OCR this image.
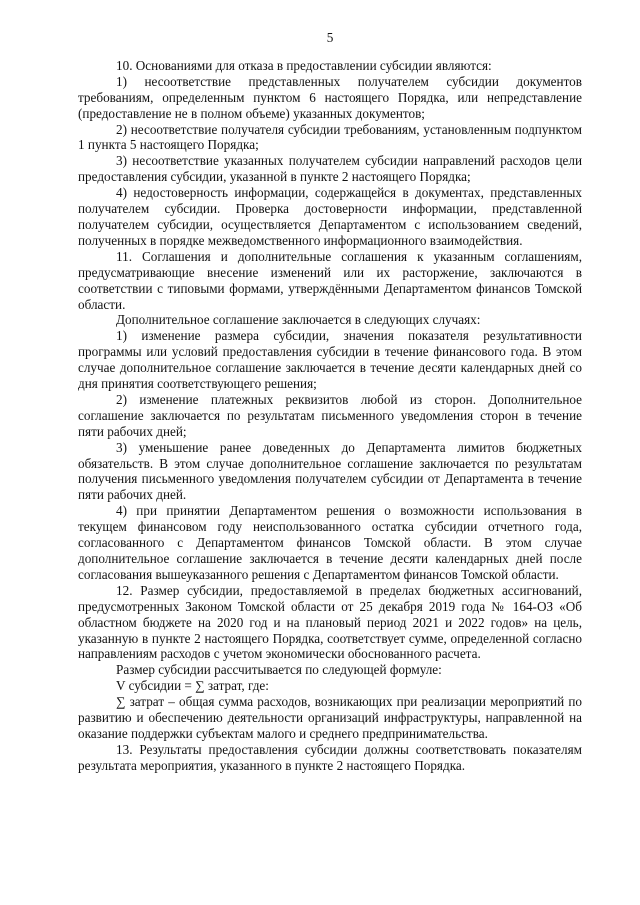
5

10. Основаниями для отказа в предоставлении субсидии являются:

1) несоответствие представленных получателем субсидии документов требованиям, определенным пунктом 6 настоящего Порядка, или непредставление (предоставление не в полном объеме) указанных документов;

2) несоответствие получателя субсидии требованиям, установленным подпунктом 1 пункта 5 настоящего Порядка;

3) несоответствие указанных получателем субсидии направлений расходов цели предоставления субсидии, указанной в пункте 2 настоящего Порядка;

4) недостоверность информации, содержащейся в документах, представленных получателем субсидии. Проверка достоверности информации, представленной получателем субсидии, осуществляется Департаментом с использованием сведений, полученных в порядке межведомственного информационного взаимодействия.

11. Соглашения и дополнительные соглашения к указанным соглашениям, предусматривающие внесение изменений или их расторжение, заключаются в соответствии с типовыми формами, утверждёнными Департаментом финансов Томской области.

Дополнительное соглашение заключается в следующих случаях:

1) изменение размера субсидии, значения показателя результативности программы или условий предоставления субсидии в течение финансового года. В этом случае дополнительное соглашение заключается в течение десяти календарных дней со дня принятия соответствующего решения;

2) изменение платежных реквизитов любой из сторон. Дополнительное соглашение заключается по результатам письменного уведомления сторон в течение пяти рабочих дней;

3) уменьшение ранее доведенных до Департамента лимитов бюджетных обязательств. В этом случае дополнительное соглашение заключается по результатам получения письменного уведомления получателем субсидии от Департамента в течение пяти рабочих дней.

4) при принятии Департаментом решения о возможности использования в текущем финансовом году неиспользованного остатка субсидии отчетного года, согласованного с Департаментом финансов Томской области. В этом случае дополнительное соглашение заключается в течение десяти календарных дней после согласования вышеуказанного решения с Департаментом финансов Томской области.

12. Размер субсидии, предоставляемой в пределах бюджетных ассигнований, предусмотренных Законом Томской области от 25 декабря 2019 года № 164-ОЗ «Об областном бюджете на 2020 год и на плановый период 2021 и 2022 годов» на цель, указанную в пункте 2 настоящего Порядка, соответствует сумме, определенной согласно направлениям расходов с учетом экономически обоснованного расчета.

Размер субсидии рассчитывается по следующей формуле:

V субсидии = ∑ затрат, где:

∑ затрат – общая сумма расходов, возникающих при реализации мероприятий по развитию и обеспечению деятельности организаций инфраструктуры, направленной на оказание поддержки субъектам малого и среднего предпринимательства.

13. Результаты предоставления субсидии должны соответствовать показателям результата мероприятия, указанного в пункте 2 настоящего Порядка.
